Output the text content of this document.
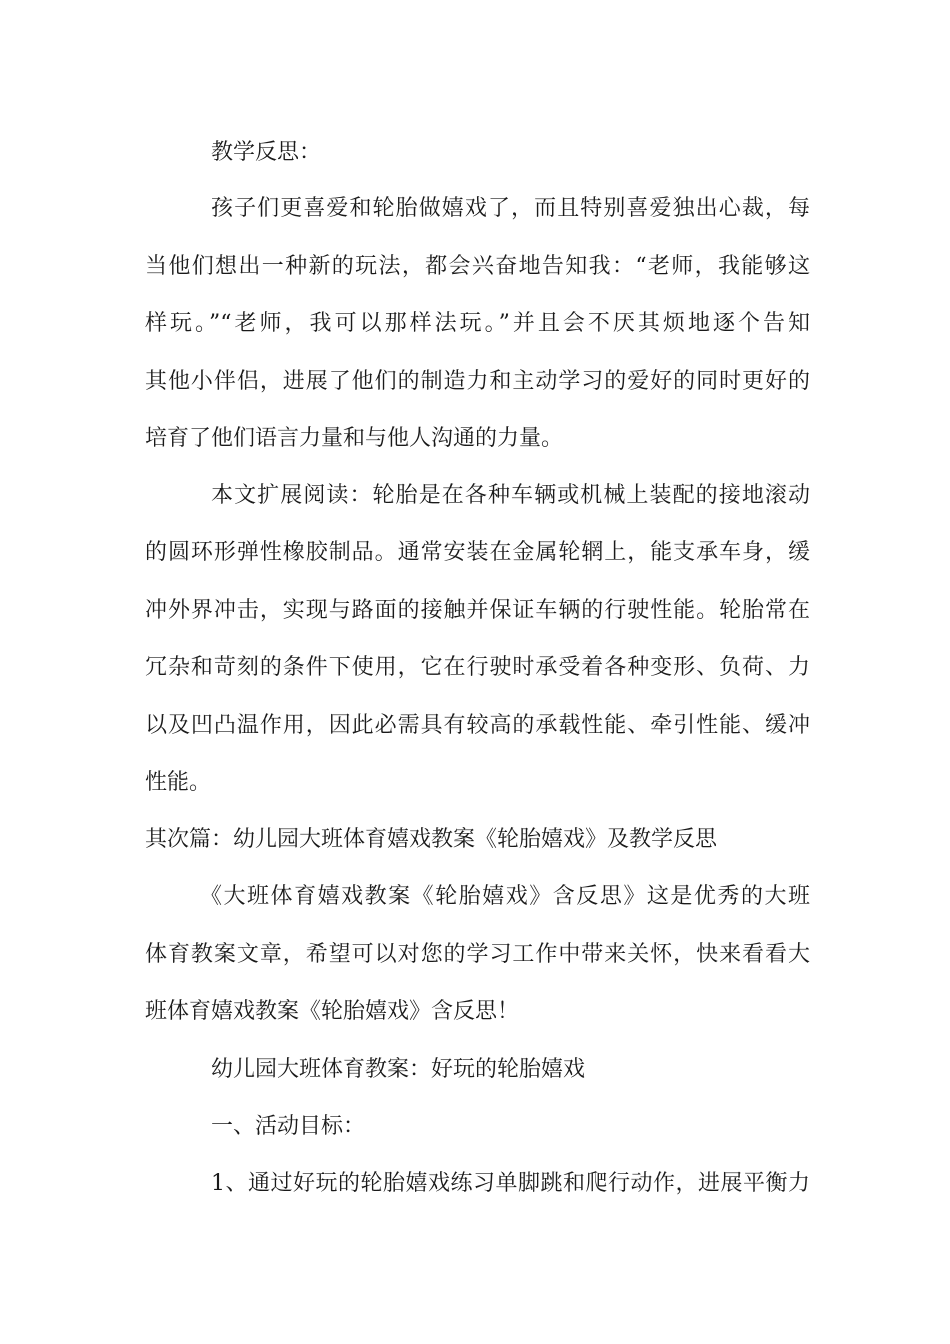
教学反思：
孩子们更喜爱和轮胎做嬉戏了，而且特别喜爱独出心裁，每
当他们想出一种新的玩法，都会兴奋地告知我：“老师，我能够这
样玩。”“老师，我可以那样法玩。”并且会不厌其烦地逐个告知
其他小伴侣，进展了他们的制造力和主动学习的爱好的同时更好的
培育了他们语言力量和与他人沟通的力量。
本文扩展阅读：轮胎是在各种车辆或机械上装配的接地滚动
的圆环形弹性橡胶制品。通常安装在金属轮辋上，能支承车身，缓
冲外界冲击，实现与路面的接触并保证车辆的行驶性能。轮胎常在
冗杂和苛刻的条件下使用，它在行驶时承受着各种变形、负荷、力
以及凹凸温作用，因此必需具有较高的承载性能、牵引性能、缓冲
性能。
其次篇：幼儿园大班体育嬉戏教案《轮胎嬉戏》及教学反思
《大班体育嬉戏教案《轮胎嬉戏》含反思》这是优秀的大班
体育教案文章，希望可以对您的学习工作中带来关怀，快来看看大
班体育嬉戏教案《轮胎嬉戏》含反思！
幼儿园大班体育教案：好玩的轮胎嬉戏
一、活动目标：
1、通过好玩的轮胎嬉戏练习单脚跳和爬行动作，进展平衡力
